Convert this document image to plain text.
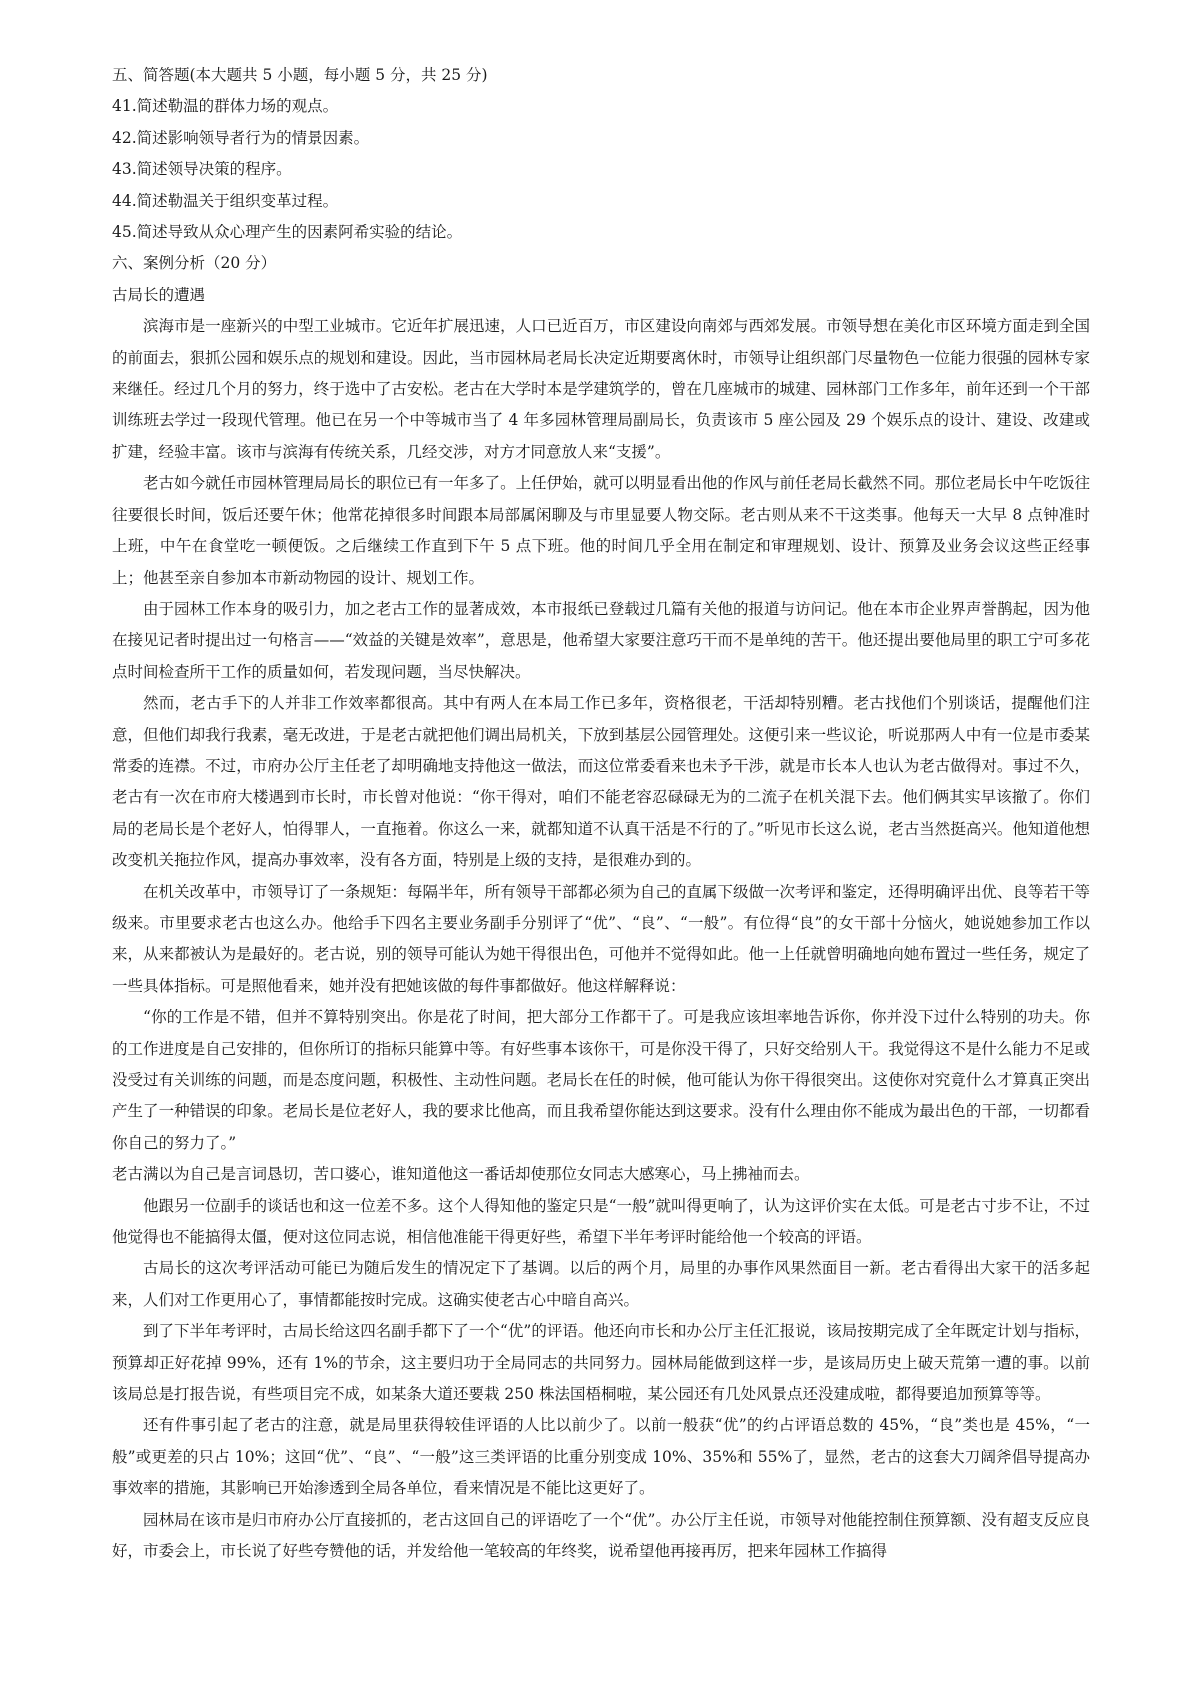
五、简答题(本大题共 5 小题，每小题 5 分，共 25 分)
41.简述勒温的群体力场的观点。
42.简述影响领导者行为的情景因素。
43.简述领导决策的程序。
44.简述勒温关于组织变革过程。
45.简述导致从众心理产生的因素阿希实验的结论。
六、案例分析（20 分）
古局长的遭遇

滨海市是一座新兴的中型工业城市。它近年扩展迅速，人口已近百万，市区建设向南郊与西郊发展。市领导想在美化市区环境方面走到全国的前面去，狠抓公园和娱乐点的规划和建设。因此，当市园林局老局长决定近期要离休时，市领导让组织部门尽量物色一位能力很强的园林专家来继任。经过几个月的努力，终于选中了古安松。老古在大学时本是学建筑学的，曾在几座城市的城建、园林部门工作多年，前年还到一个干部训练班去学过一段现代管理。他已在另一个中等城市当了 4 年多园林管理局副局长，负责该市 5 座公园及 29 个娱乐点的设计、建设、改建或扩建，经验丰富。该市与滨海有传统关系，几经交涉，对方才同意放人来“支援”。

老古如今就任市园林管理局局长的职位已有一年多了。上任伊始，就可以明显看出他的作风与前任老局长截然不同。那位老局长中午吃饭往往要很长时间，饭后还要午休；他常花掉很多时间跟本局部属闲聊及与市里显要人物交际。老古则从来不干这类事。他每天一大早 8 点钟准时上班，中午在食堂吃一顿便饭。之后继续工作直到下午 5 点下班。他的时间几乎全用在制定和审理规划、设计、预算及业务会议这些正经事上；他甚至亲自参加本市新动物园的设计、规划工作。

由于园林工作本身的吸引力，加之老古工作的显著成效，本市报纸已登载过几篇有关他的报道与访问记。他在本市企业界声誉鹊起，因为他在接见记者时提出过一句格言——“效益的关键是效率”，意思是，他希望大家要注意巧干而不是单纯的苦干。他还提出要他局里的职工宁可多花点时间检查所干工作的质量如何，若发现问题，当尽快解决。

然而，老古手下的人并非工作效率都很高。其中有两人在本局工作已多年，资格很老，干活却特别糟。老古找他们个别谈话，提醒他们注意，但他们却我行我素，毫无改进，于是老古就把他们调出局机关，下放到基层公园管理处。这便引来一些议论，听说那两人中有一位是市委某常委的连襟。不过，市府办公厅主任老了却明确地支持他这一做法，而这位常委看来也未予干涉，就是市长本人也认为老古做得对。事过不久，老古有一次在市府大楼遇到市长时，市长曾对他说：“你干得对，咱们不能老容忍碌碌无为的二流子在机关混下去。他们俩其实早该撤了。你们局的老局长是个老好人，怕得罪人，一直拖着。你这么一来，就都知道不认真干活是不行的了。”听见市长这么说，老古当然挺高兴。他知道他想改变机关拖拉作风，提高办事效率，没有各方面，特别是上级的支持，是很难办到的。

在机关改革中，市领导订了一条规矩：每隔半年，所有领导干部都必须为自己的直属下级做一次考评和鉴定，还得明确评出优、良等若干等级来。市里要求老古也这么办。他给手下四名主要业务副手分别评了“优”、“良”、“一般”。有位得“良”的女干部十分恼火，她说她参加工作以来，从来都被认为是最好的。老古说，别的领导可能认为她干得很出色，可他并不觉得如此。他一上任就曾明确地向她布置过一些任务，规定了一些具体指标。可是照他看来，她并没有把她该做的每件事都做好。他这样解释说：

“你的工作是不错，但并不算特别突出。你是花了时间，把大部分工作都干了。可是我应该坦率地告诉你，你并没下过什么特别的功夫。你的工作进度是自己安排的，但你所订的指标只能算中等。有好些事本该你干，可是你没干得了，只好交给别人干。我觉得这不是什么能力不足或没受过有关训练的问题，而是态度问题，积极性、主动性问题。老局长在任的时候，他可能认为你干得很突出。这使你对究竟什么才算真正突出产生了一种错误的印象。老局长是位老好人，我的要求比他高，而且我希望你能达到这要求。没有什么理由你不能成为最出色的干部，一切都看你自己的努力了。”

老古满以为自己是言词恳切，苦口婆心，谁知道他这一番话却使那位女同志大感寒心，马上拂袖而去。

他跟另一位副手的谈话也和这一位差不多。这个人得知他的鉴定只是“一般”就叫得更响了，认为这评价实在太低。可是老古寸步不让，不过他觉得也不能搞得太僵，便对这位同志说，相信他准能干得更好些，希望下半年考评时能给他一个较高的评语。

古局长的这次考评活动可能已为随后发生的情况定下了基调。以后的两个月，局里的办事作风果然面目一新。老古看得出大家干的活多起来，人们对工作更用心了，事情都能按时完成。这确实使老古心中暗自高兴。

到了下半年考评时，古局长给这四名副手都下了一个“优”的评语。他还向市长和办公厅主任汇报说，该局按期完成了全年既定计划与指标，预算却正好花掉 99%，还有 1%的节余，这主要归功于全局同志的共同努力。园林局能做到这样一步，是该局历史上破天荒第一遭的事。以前该局总是打报告说，有些项目完不成，如某条大道还要栽 250 株法国梧桐啦，某公园还有几处风景点还没建成啦，都得要追加预算等等。

还有件事引起了老古的注意，就是局里获得较佳评语的人比以前少了。以前一般获“优”的约占评语总数的 45%，“良”类也是 45%，“一般”或更差的只占 10%；这回“优”、“良”、“一般”这三类评语的比重分别变成 10%、35%和 55%了，显然，老古的这套大刀阔斧倡导提高办事效率的措施，其影响已开始渗透到全局各单位，看来情况是不能比这更好了。

园林局在该市是归市府办公厅直接抓的，老古这回自己的评语吃了一个“优”。办公厅主任说，市领导对他能控制住预算额、没有超支反应良好，市委会上，市长说了好些夸赞他的话，并发给他一笔较高的年终奖，说希望他再接再厉，把来年园林工作搞得
